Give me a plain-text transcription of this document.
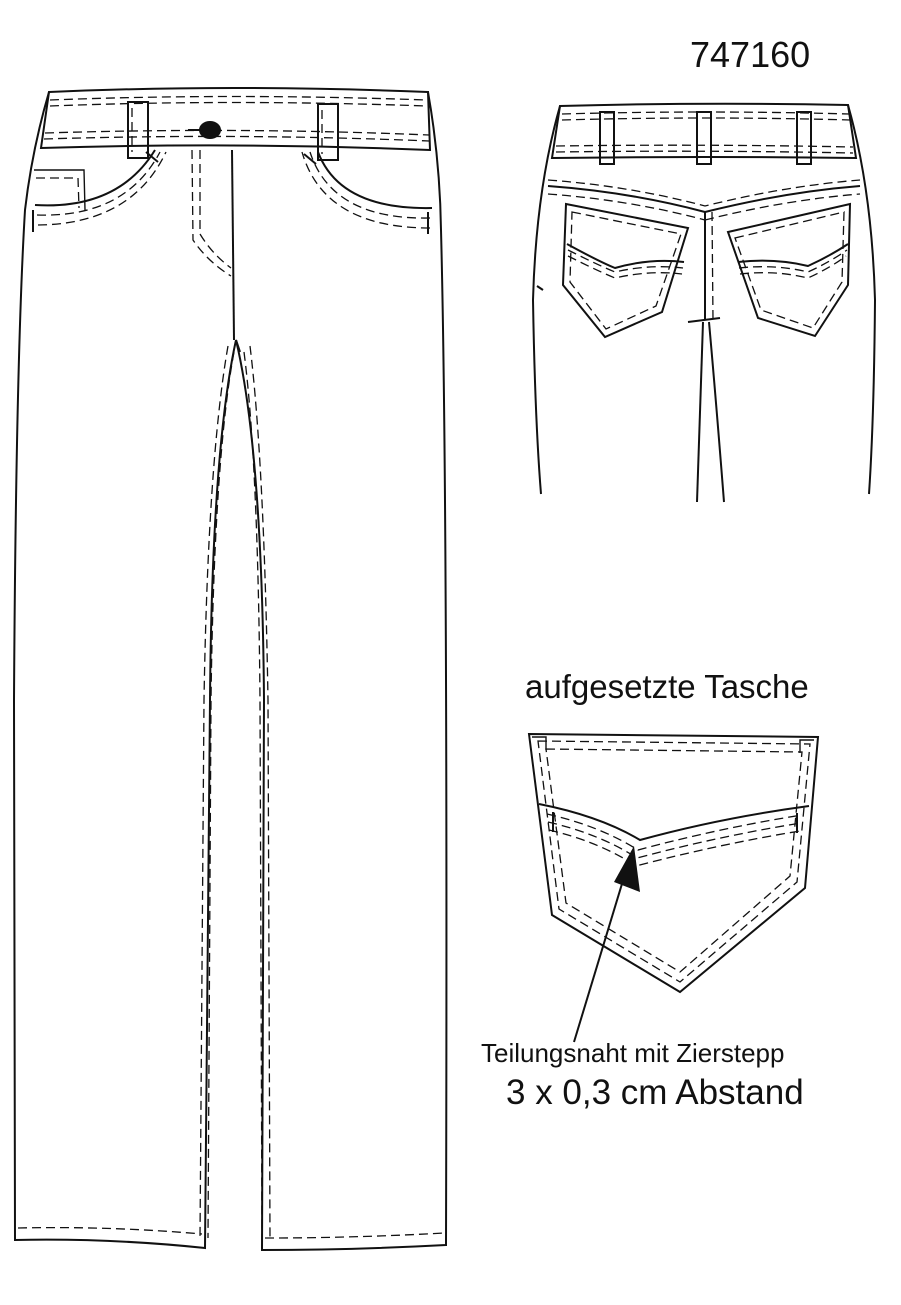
747160
aufgesetzte Tasche
Teilungsnaht mit Zierstepp
3 x 0,3 cm Abstand
